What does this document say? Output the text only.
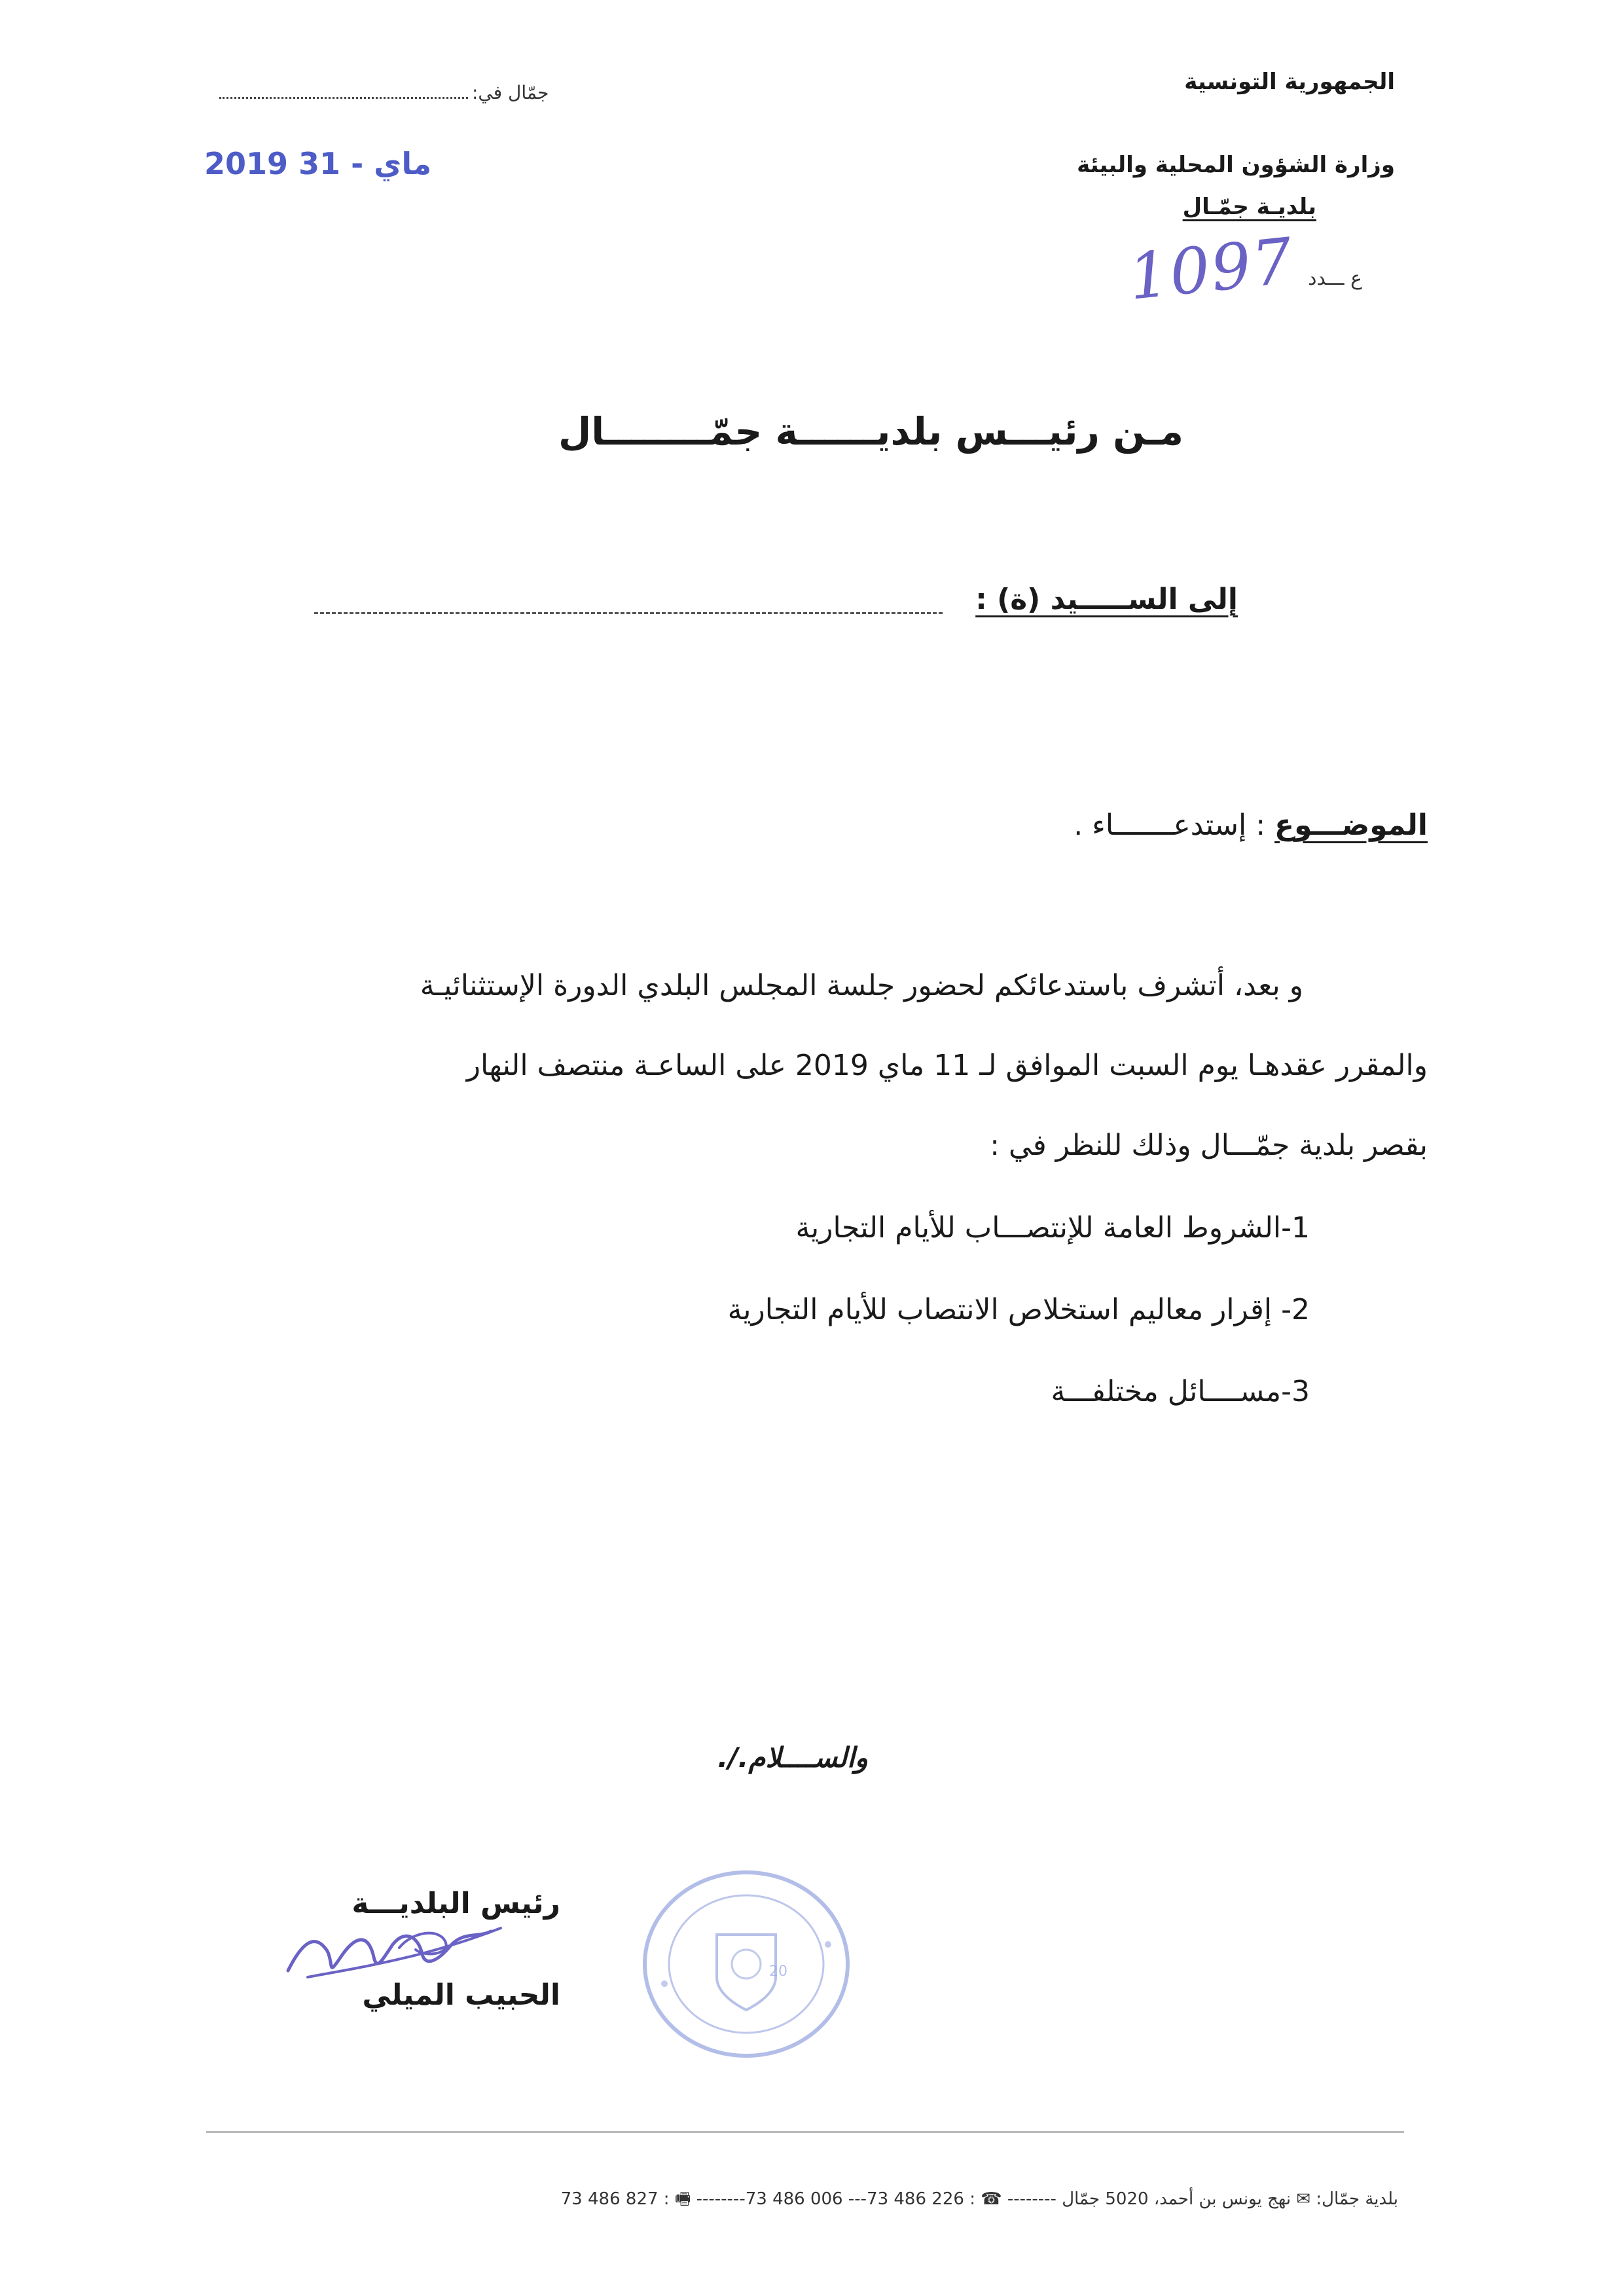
الجمهورية التونسية
وزارة الشؤون المحلية والبيئة
بلديـة جمّـال
ع ـــدد
1097
جمّال في:
2019 ماي - 31
مـن رئيـــس بلديــــــة جمّــــــــال
إلى الســـــيد (ة) :
الموضـــوع : إستدعـــــــاء .

و بعد، أتشرف باستدعائكم لحضور جلسة المجلس البلدي الدورة الإستثنائيـة

والمقرر عقدهـا يوم السبت الموافق لـ 11 ماي 2019 على الساعـة منتصف النهار

بقصر بلدية جمّـــال وذلك للنظر في :

1-الشروط العامة للإنتصـــاب للأيام التجارية
2- إقرار معاليم استخلاص الانتصاب للأيام التجارية
3-مســــائل مختلفـــة
والســــلام./.
رئيس البلديـــة
الحبيب الميلي
20
بلدية جمّال: ✉ نهج يونس بن أحمد، 5020 جمّال -------- ☎ : 226 486 73--- 006 486 73-------- 🖷 : 827 486 73
